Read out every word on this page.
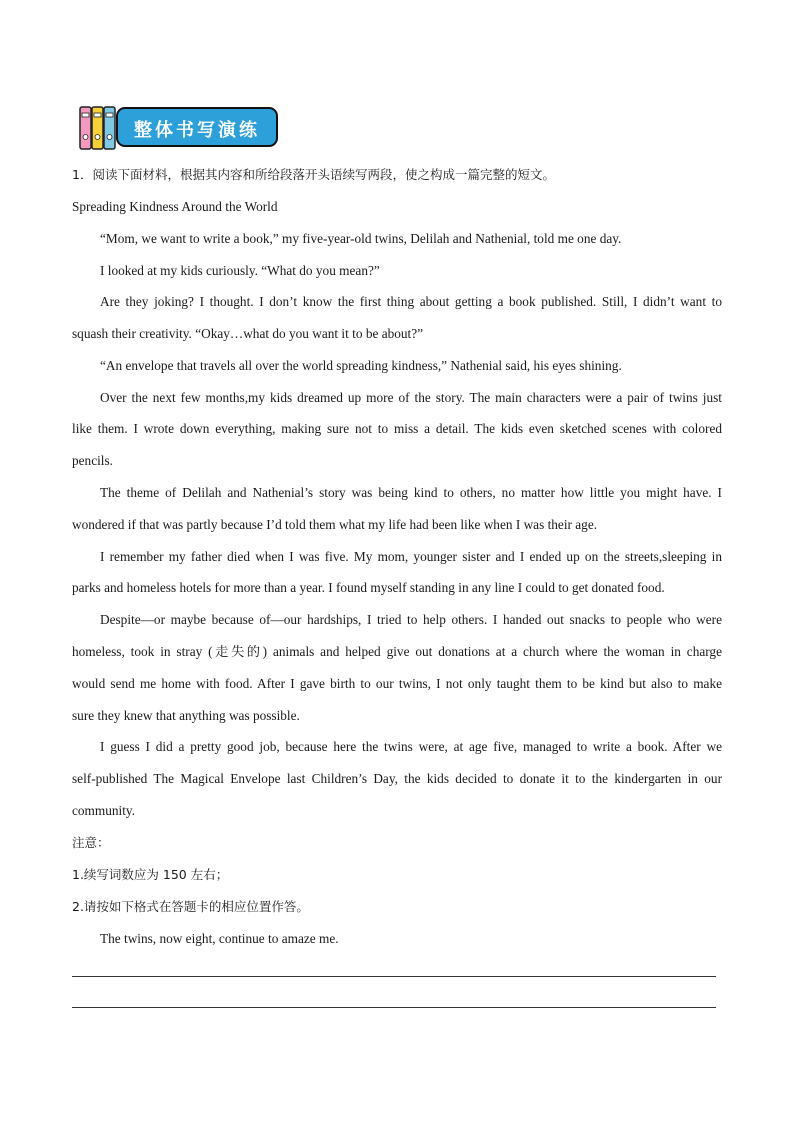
整体书写演练
1．阅读下面材料，根据其内容和所给段落开头语续写两段，使之构成一篇完整的短文。
Spreading Kindness Around the World
“Mom, we want to write a book,” my five-year-old twins, Delilah and Nathenial, told me one day.
I looked at my kids curiously. “What do you mean?”
Are they joking? I thought. I don’t know the first thing about getting a book published. Still, I didn’t want to
squash their creativity. “Okay…what do you want it to be about?”
“An envelope that travels all over the world spreading kindness,” Nathenial said, his eyes shining.
Over the next few months,my kids dreamed up more of the story. The main characters were a pair of twins just
like them. I wrote down everything, making sure not to miss a detail. The kids even sketched scenes with colored
pencils.
The theme of Delilah and Nathenial’s story was being kind to others, no matter how little you might have. I
wondered if that was partly because I’d told them what my life had been like when I was their age.
I remember my father died when I was five. My mom, younger sister and I ended up on the streets,sleeping in
parks and homeless hotels for more than a year. I found myself standing in any line I could to get donated food.
Despite—or maybe because of—our hardships, I tried to help others. I handed out snacks to people who were
homeless, took in stray (走失的) animals and helped give out donations at a church where the woman in charge
would send me home with food. After I gave birth to our twins, I not only taught them to be kind but also to make
sure they knew that anything was possible.
I guess I did a pretty good job, because here the twins were, at age five, managed to write a book. After we
self-published The Magical Envelope last Children’s Day, the kids decided to donate it to the kindergarten in our
community.
注意：
1.续写词数应为 150 左右；
2.请按如下格式在答题卡的相应位置作答。
The twins, now eight, continue to amaze me.
